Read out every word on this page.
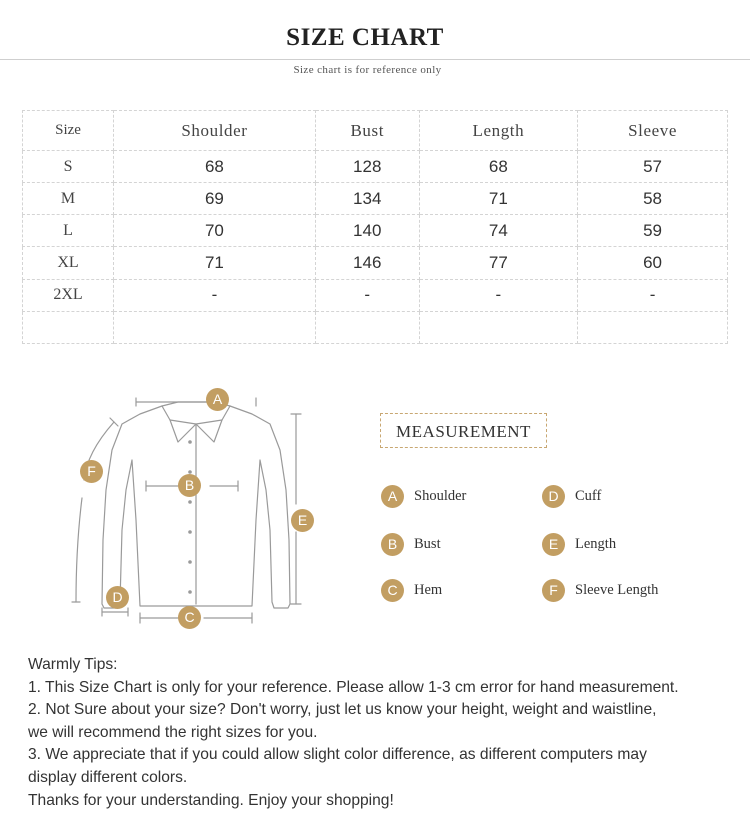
SIZE CHART
Size chart is for reference only
Size	Shoulder	Bust	Length	Sleeve
S	68	128	68	57
M	69	134	71	58
L	70	140	74	59
XL	71	146	77	60
2XL	-	-	-	-

A
B
C
D
E
F
MEASUREMENT
A	Shoulder
B	Bust
C	Hem
D	Cuff
E	Length
F	Sleeve Length
Warmly Tips:
1. This Size Chart is only for your reference. Please allow 1-3 cm error for hand measurement.
2. Not Sure about your size? Don't worry, just let us know your height, weight and waistline,
we will recommend the right sizes for you.
3. We appreciate that if you could allow slight color difference, as different computers may
display different colors.
Thanks for your understanding. Enjoy your shopping!
